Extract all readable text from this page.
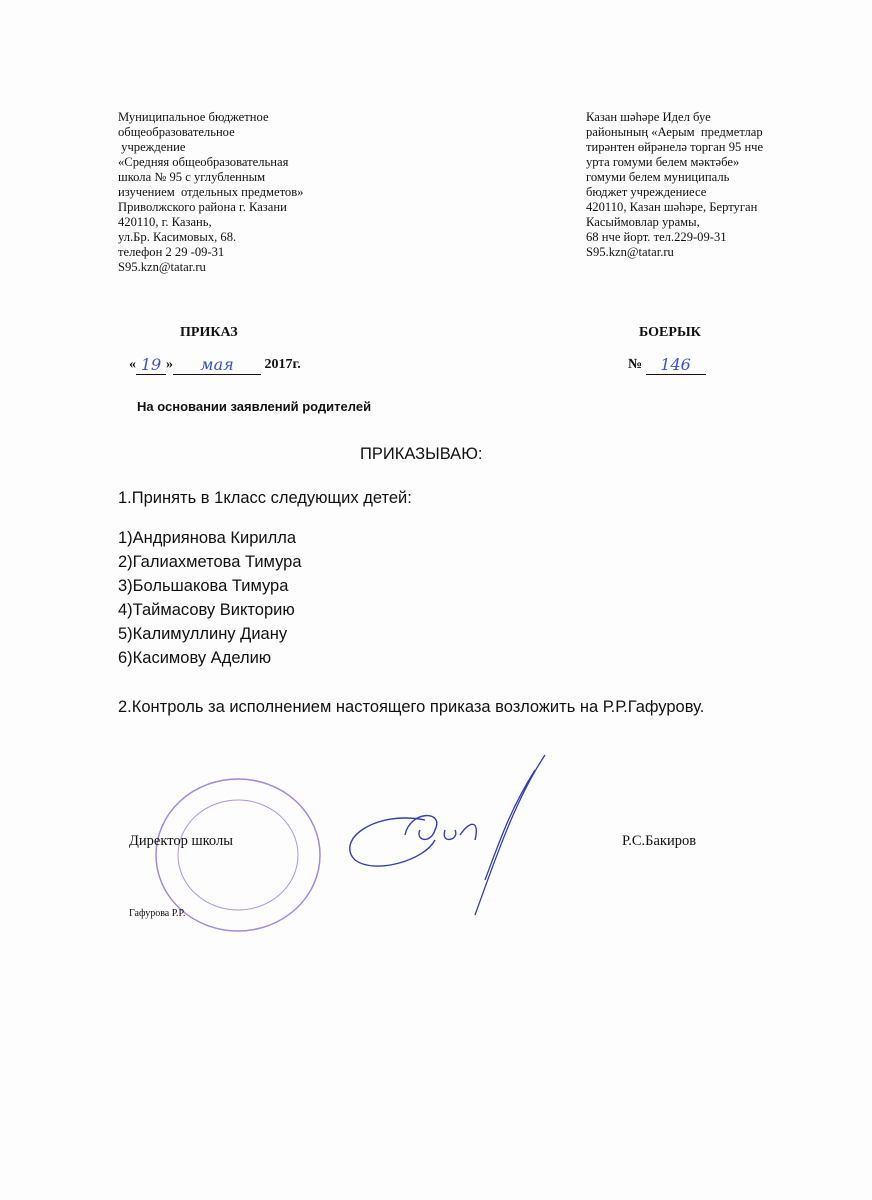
Муниципальное бюджетное
общеобразовательное
учреждение
«Средняя общеобразовательная
школа № 95 с углубленным
изучением  отдельных предметов»
Приволжского района г. Казани
420110, г. Казань,
ул.Бр. Касимовых, 68.
телефон 2 29 -09-31
S95.kzn@tatar.ru
Казан шәһәре Идел буе
районының «Аерым  предметлар
тирәнтен өйрәнелә торган 95 нче
урта гомуми белем мәктәбе»
гомуми белем муниципаль
бюджет учреждениесе
420110, Казан шәһәре, Бертуган
Касыймовлар урамы,
68 нче йорт. тел.229-09-31
S95.kzn@tatar.ru
ПРИКАЗ	БОЕРЫК
« 19 » мая 2017г.	№ 146
На основании заявлений родителей
ПРИКАЗЫВАЮ:
1.Принять в 1класс следующих детей:
1)Андриянова Кирилла
2)Галиахметова Тимура
3)Большакова Тимура
4)Таймасову Викторию
5)Калимуллину Диану
6)Касимову Аделию
2.Контроль за исполнением настоящего приказа возложить на Р.Р.Гафурову.
Директор школы	Р.С.Бакиров
Гафурова Р.Р.
